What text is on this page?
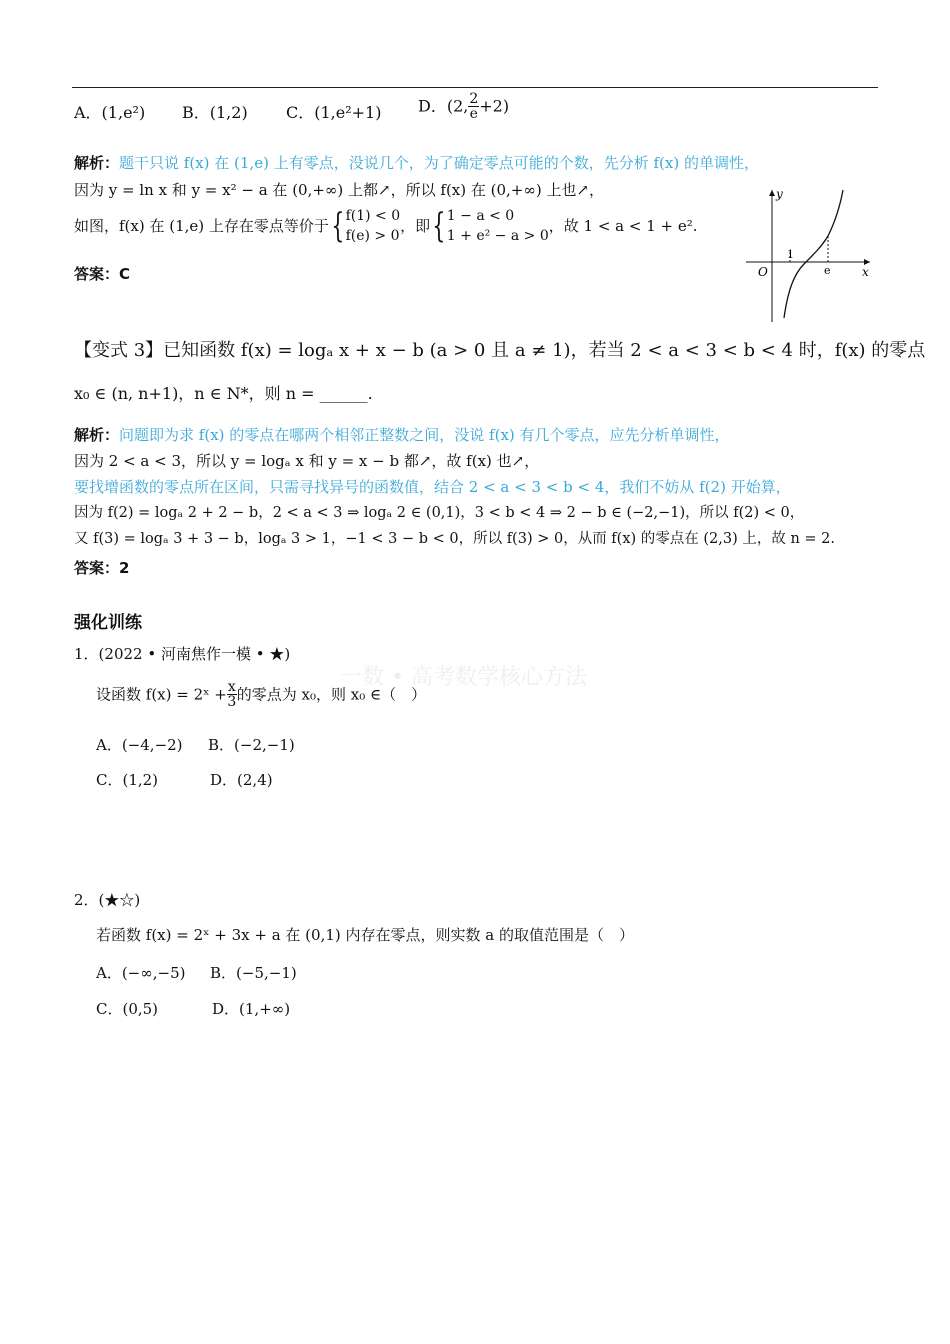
A．(1,e²) B．(1,2) C．(1,e²+1) D．(2, $\frac{2}{e} +2$)
解析：题干只说 f(x) 在 (1,e) 上有零点，没说几个，为了确定零点可能的个数，先分析 f(x) 的单调性，
因为 y = ln x 和 y = x² − a 在 (0,+∞) 上都↗，所以 f(x) 在 (0,+∞) 上也↗，
如图，f(x) 在 (1,e) 上存在零点等价于{ f(1) < 0
f(e) > 0
，即{ 1 − a < 0
1 + e² − a > 0
，故 1 < a < 1 + e².
答案：C
y
x
O
1
e
【变式 3】已知函数 f(x) = logₐ x + x − b (a > 0 且 a ≠ 1)，若当 2 < a < 3 < b < 4 时，f(x) 的零点
x₀ ∈ (n, n+1)，n ∈ N*，则 n = ______.
解析：问题即为求 f(x) 的零点在哪两个相邻正整数之间，没说 f(x) 有几个零点，应先分析单调性，
因为 2 < a < 3，所以 y = logₐ x 和 y = x − b 都↗，故 f(x) 也↗，
要找增函数的零点所在区间，只需寻找异号的函数值，结合 2 < a < 3 < b < 4，我们不妨从 f(2) 开始算，
因为 f(2) = logₐ 2 + 2 − b，2 < a < 3 ⇒ logₐ 2 ∈ (0,1)，3 < b < 4 ⇒ 2 − b ∈ (−2,−1)，所以 f(2) < 0，
又 f(3) = logₐ 3 + 3 − b，logₐ 3 > 1，−1 < 3 − b < 0，所以 f(3) > 0，从而 f(x) 的零点在 (2,3) 上，故 n = 2.
答案：2
强化训练
一数 • 高考数学核心方法
1．(2022 • 河南焦作一模 • ★)
设函数 f(x) = 2ˣ + $\frac{x}{3}$ 的零点为 x₀，则 x₀ ∈（　）
A．(−4,−2) B．(−2,−1)
C．(1,2)	D．(2,4)
2．(★☆)
若函数 f(x) = 2ˣ + 3x + a 在 (0,1) 内存在零点，则实数 a 的取值范围是（　）
A．(−∞,−5) B．(−5,−1)
C．(0,5)	D．(1,+∞)
